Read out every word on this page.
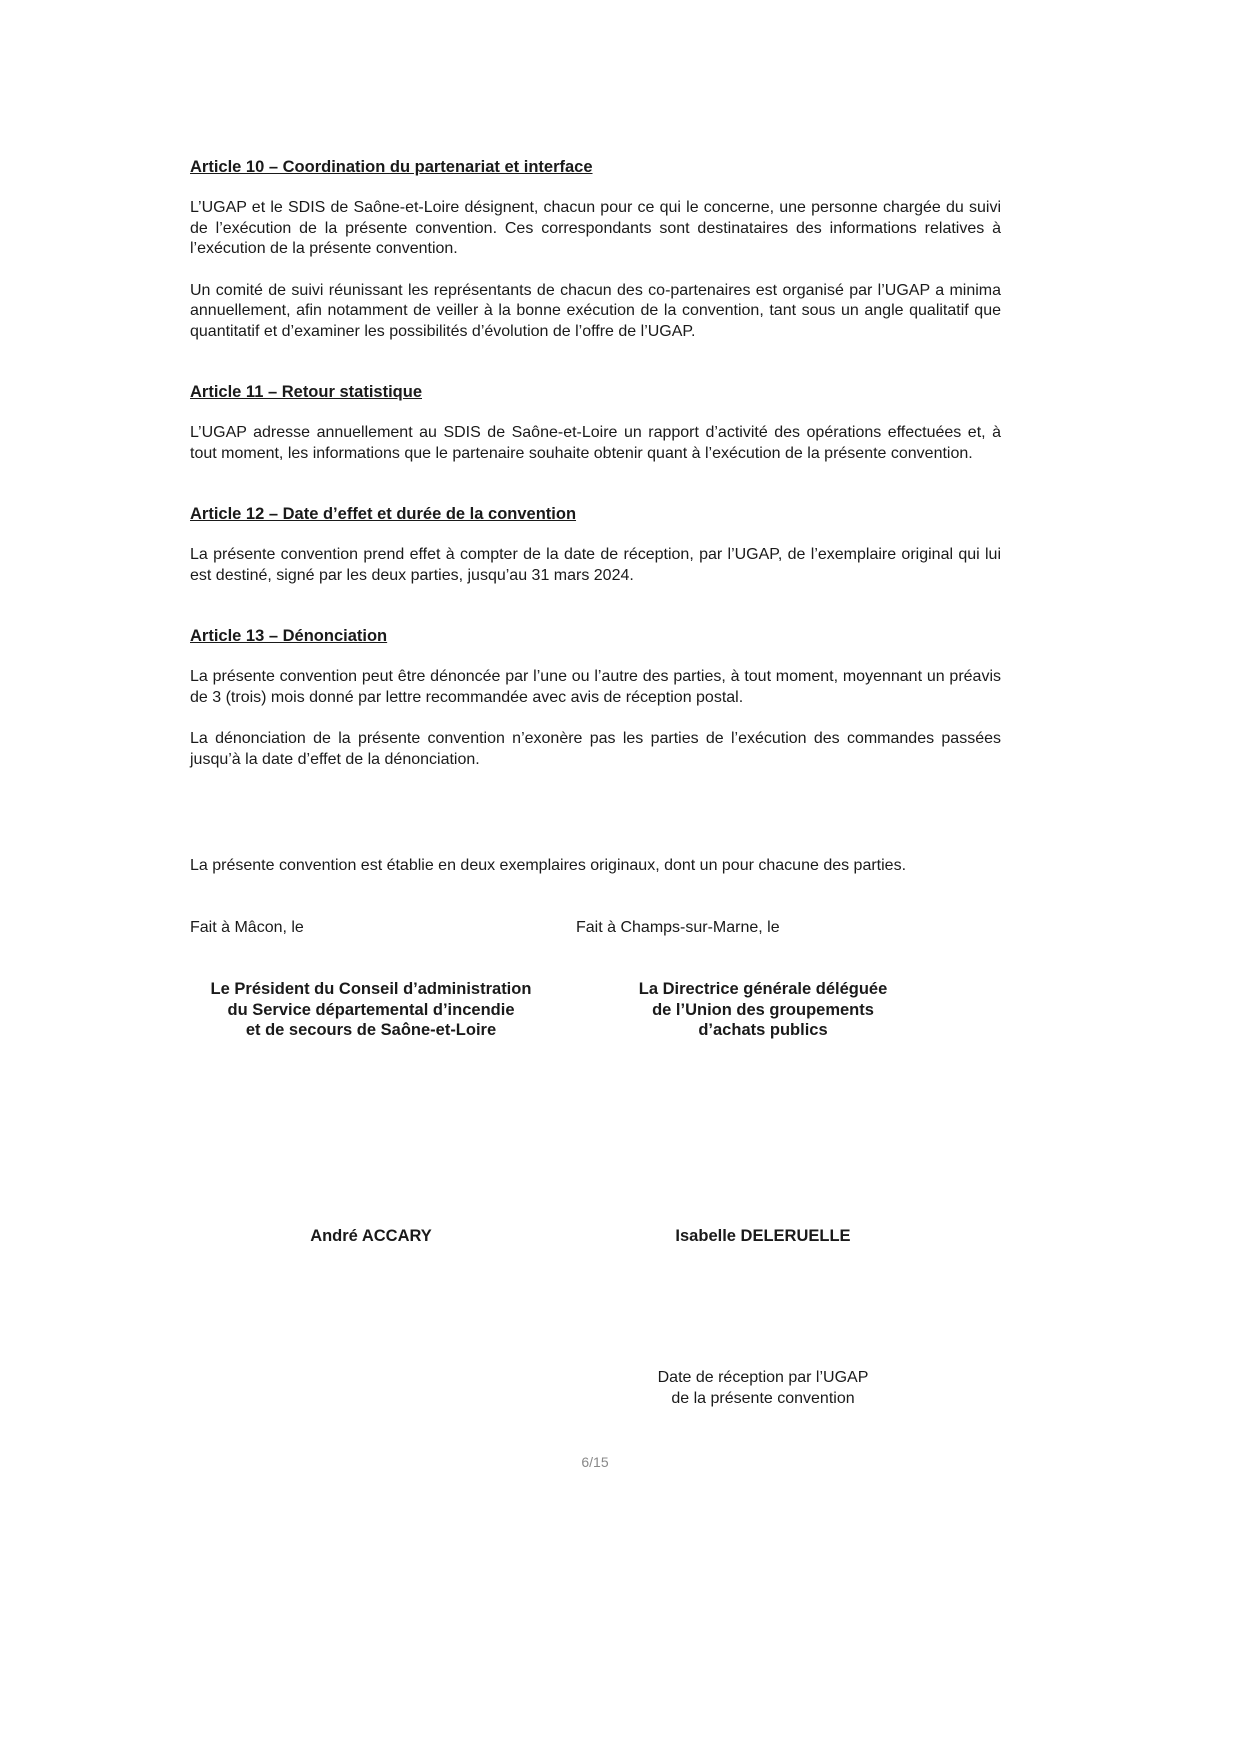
Article 10 – Coordination du partenariat et interface

L’UGAP et le SDIS de Saône-et-Loire désignent, chacun pour ce qui le concerne, une personne chargée du suivi de l’exécution de la présente convention. Ces correspondants sont destinataires des informations relatives à l’exécution de la présente convention.

Un comité de suivi réunissant les représentants de chacun des co-partenaires est organisé par l’UGAP a minima annuellement, afin notamment de veiller à la bonne exécution de la convention, tant sous un angle qualitatif que quantitatif et d’examiner les possibilités d’évolution de l’offre de l’UGAP.

Article 11 – Retour statistique

L’UGAP adresse annuellement au SDIS de Saône-et-Loire un rapport d’activité des opérations effectuées et, à tout moment, les informations que le partenaire souhaite obtenir quant à l’exécution de la présente convention.

Article 12 – Date d’effet et durée de la convention

La présente convention prend effet à compter de la date de réception, par l’UGAP, de l’exemplaire original qui lui est destiné, signé par les deux parties, jusqu’au 31 mars 2024.

Article 13 – Dénonciation

La présente convention peut être dénoncée par l’une ou l’autre des parties, à tout moment, moyennant un préavis de 3 (trois) mois donné par lettre recommandée avec avis de réception postal.

La dénonciation de la présente convention n’exonère pas les parties de l’exécution des commandes passées jusqu’à la date d’effet de la dénonciation.

La présente convention est établie en deux exemplaires originaux, dont un pour chacune des parties.
Fait à Mâcon, le	Fait à Champs-sur-Marne, le
Le Président du Conseil d’administration
du Service départemental d’incendie
et de secours de Saône-et-Loire
La Directrice générale déléguée
de l’Union des groupements
d’achats publics
André ACCARY	Isabelle DELERUELLE
Date de réception par l’UGAP
de la présente convention
6/15
